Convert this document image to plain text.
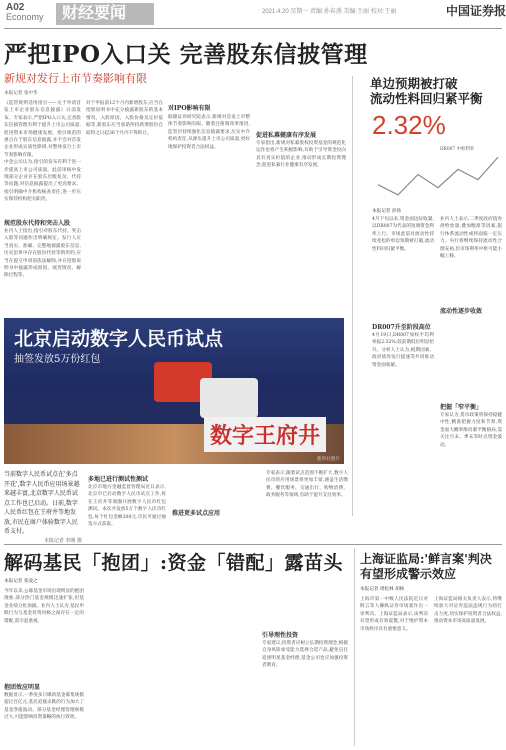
A02
Economy	财经要闻	2021.4.20 星期一 责编:孙春燕 美编:王丽 校对:王丽	中国证券报
严把IPO入口关 完善股东信披管理
新规对发行上市节奏影响有限
本报记者 张中华
《监管规则适用指引——关于申请首发上市企业股东信息披露》日前发布。专家表示,严把IPO入口关,完善股东信披管理有利于提升上市公司质量,促进资本市场健康发展。指引规范的重点在于股东信息披露,并不会对首发企业形成实质性障碍,对整体发行上市节奏影响有限。
中金公司认为,指引的发布有利于进一步提高上市公司质量。此前审核中发现部分企业存在股东层级复杂、代持等问题,对信息披露提出了更高要求。指引明确中介机构核查责任,进一步压实保荐机构把关职责。
规范股东代持和突击入股
业内人士指出,指引对股东代持、突击入股等问题作出明确规定。发行人应当真实、准确、完整地披露股东信息,历史沿革中存在股份代持等情形的,应当在提交申请前依法解除,并在招股说明书中披露形成原因、演变情况、解除过程等。
对于申报前12个月内新增股东,应当在招股说明书中充分披露新股东的基本情况、入股原因、入股价格及定价依据等,新股东应当承诺所持新增股份自取得之日起36个月内不得转让。
对IPO影响有限
联储证券研究院表示,新规对首发上市整体节奏影响有限。随着注册制改革推进,监管层持续强化信息披露要求,压实中介机构责任,从源头提升上市公司质量,更好地保护投资者合法权益。
促进私募健康有序发展
专家指出,新规对私募股权投资基金的规范化运作也将产生积极影响,有助于引导资金投向具有真实价值的企业,推动形成长期投资理念,促进私募行业健康有序发展。
单边预期被打破
流动性料回归紧平衡
2.32%
DR007 中枢利率
本报记者 彭扬
4月下旬以来,资金面边际收紧,以DR007为代表的短端资金利率上行。市场此前对流动性持续宽松的单边预期被打破,流动性料回归紧平衡。
DR007升至阶段高位
4月19日,DR007加权平均利率报2.32%,较前期低位明显抬升。分析人士认为,税期因素、政府债券发行提速等共同推动资金面收紧。
业内人士表示,二季度政府债券供给放量,叠加缴准等因素,银行体系流动性或将面临一定压力。央行将继续保持流动性合理充裕,但市场利率中枢可能小幅上移。
流动性逐步收敛
把握「窄平衡」
专家认为,货币政策将保持稳健中性,精准把握力度和节奏,资金面大概率维持紧平衡格局,需关注月末、季末等时点资金波动。
北京启动数字人民币试点
抽签发放5万份红包
数字王府井
新华社图片
当前数字人民币试点在'多点开花',数字人民币应用场景越来越丰富,北京数字人民币试点工作也已启动。日前,数字人民币红包在王府井等地发放,市民在商户体验数字人民币支付。
本报记者 李刚 摄
多地已进行测试性测试
北京市地方金融监督管理局近日表示,北京市已启动数字人民币试点工作,将在王府井等商圈开展数字人民币红包测试。本次共发放5万个数字人民币红包,每个红包金额200元,市民可通过抽签方式获取。
推进更多试点应用
专家表示,随着试点范围不断扩大,数字人民币的应用场景将更加丰富,涵盖生活缴费、餐饮服务、交通出行、购物消费、政务服务等领域,有助于提升支付效率。
解码基民「抱团」:资金「错配」露苗头
本报记者 张凌之
今年以来,公募基金市场出现明显的抱团现象,部分热门基金规模迅速扩张,但基金业绩分化加剧。业内人士认为,基民申赎行为与基金投资风格之间存在一定的错配,需引起重视。
抱团效应明显
数据显示,一季度多只爆款基金募集规模超过百亿元,基民追涨杀跌的行为加大了基金净值波动。部分基金经理管理规模过大,可能影响投资策略的执行效果。
引导理性投资
专家建议,投资者应树立长期投资理念,根据自身风险承受能力选择合适产品,避免盲目追逐明星基金经理,基金公司也应加强投资者教育。
上海证监局:'鲜言案'判决
有望形成警示效应
本报记者 周松林 胡杨
上海市第一中级人民法院近日对鲜言等人操纵证券市场案作出一审判决。上海证监局表示,该判决有望形成有效震慑,对于维护资本市场秩序具有重要意义。
上海证监局相关负责人表示,将继续加大对证券违法违规行为的打击力度,切实保护投资者合法权益,推动资本市场高质量发展。
